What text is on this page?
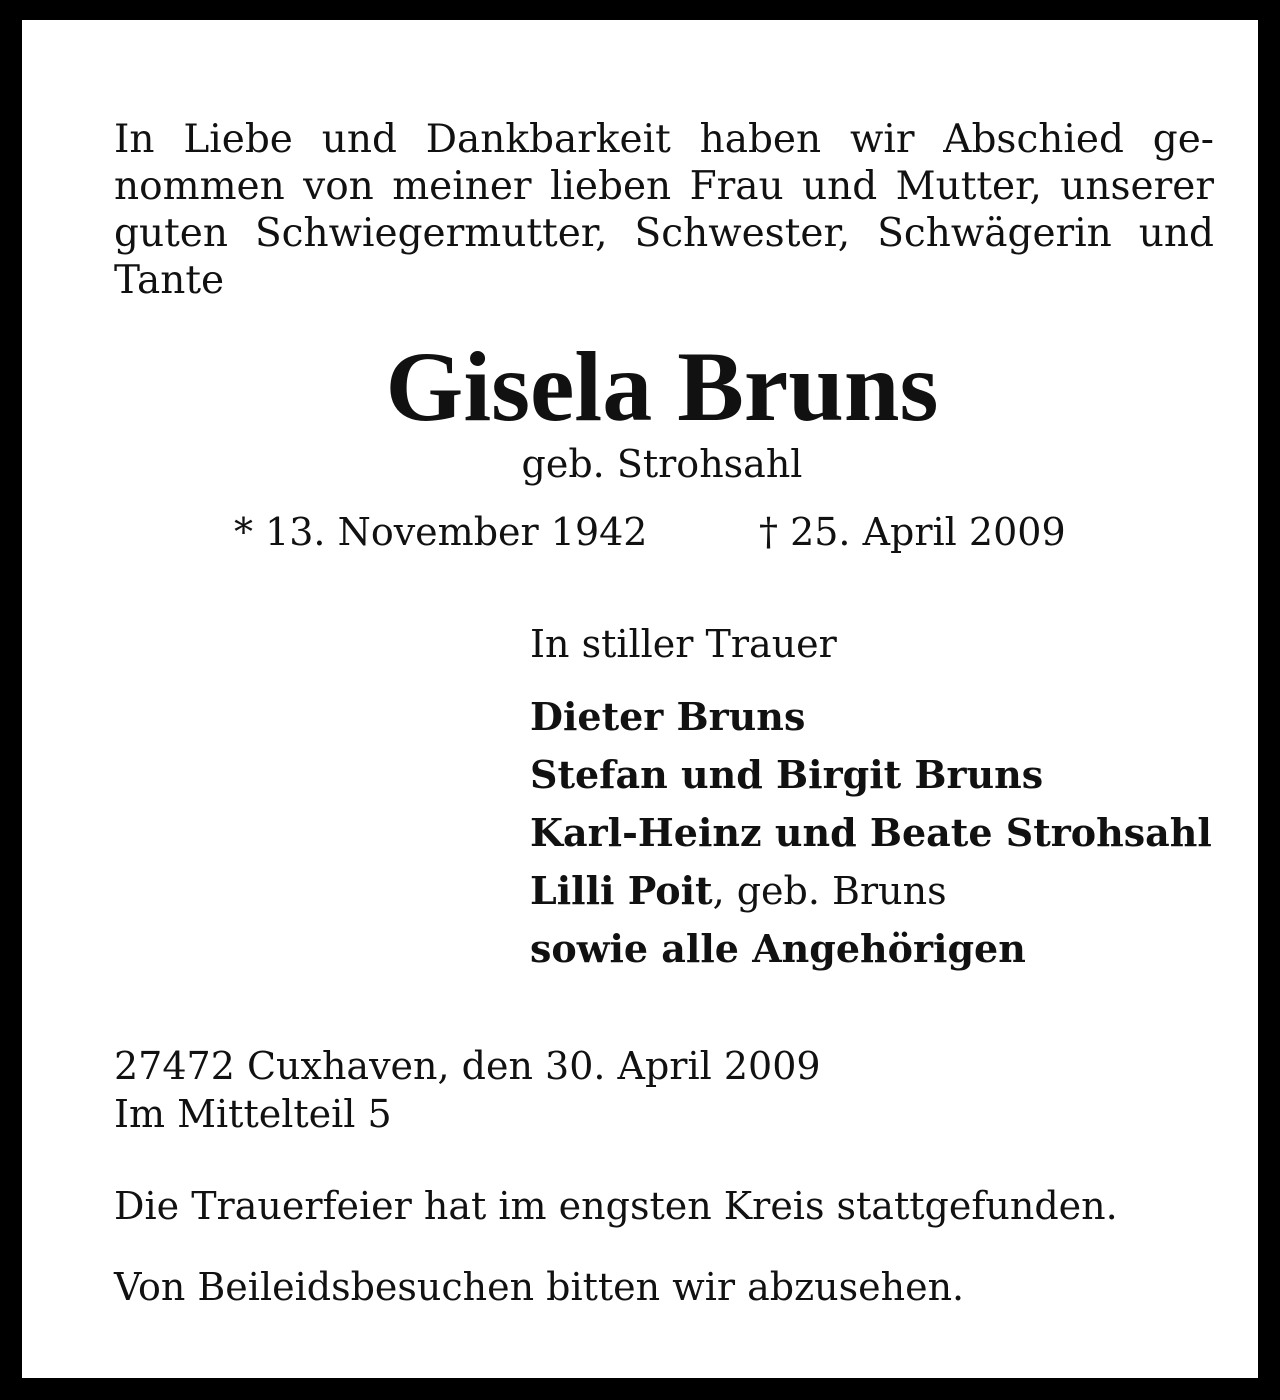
In Liebe und Dankbarkeit haben wir Abschied ge-
nommen von meiner lieben Frau und Mutter, unserer
guten Schwiegermutter, Schwester, Schwägerin und
Tante

Gisela Bruns
geb. Strohsahl
* 13. November 1942	† 25. April 2009
In stiller Trauer
Dieter Bruns
Stefan und Birgit Bruns
Karl-Heinz und Beate Strohsahl
Lilli Poit, geb. Bruns
sowie alle Angehörigen
27472 Cuxhaven, den 30. April 2009
Im Mittelteil 5
Die Trauerfeier hat im engsten Kreis stattgefunden.
Von Beileidsbesuchen bitten wir abzusehen.
